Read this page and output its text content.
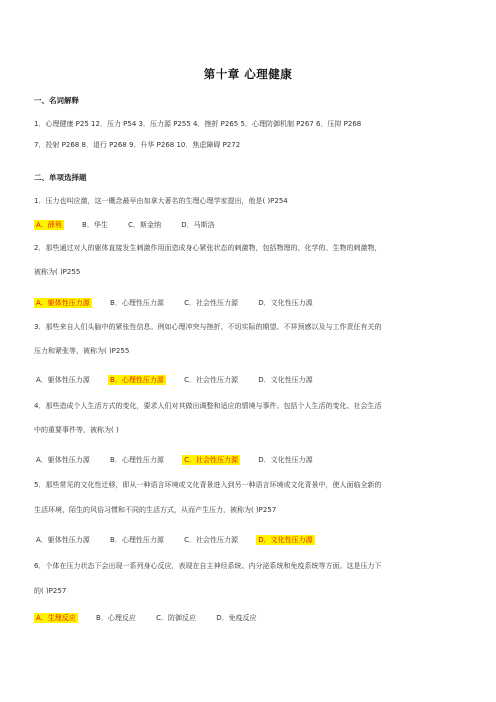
第十章 心理健康
一、名词解释
1．心理健康 P25 12．压力 P54 3．压力源 P255 4．挫折 P265 5．心理防御机制 P267 6．压抑 P268
7．投射 P268 8．退行 P268 9．升华 P268 10．焦虑障碍 P272
二、单项选择题
1．压力也叫应激，这一概念最早由加拿大著名的生理心理学家提出，他是( )P254
A．薛利	B．华生	C．斯金纳	D．马斯洛
2．那些通过对人的躯体直接发生刺激作用而造成身心紧张状态的刺激物，包括物理的、化学的、生物的刺激物，
被称为( )P255
A．躯体性压力源	B．心理性压力源	C．社会性压力源	D．文化性压力源
3．那些来自人们头脑中的紧张性信息。例如心理冲突与挫折、不切实际的期望、不祥预感以及与工作责任有关的
压力和紧张等，被称为( )P255
A．躯体性压力源	B．心理性压力源	C．社会性压力源	D．文化性压力源
4．那些造成个人生活方式的变化，要求人们对其做出调整和适应的情境与事件。包括个人生活的变化、社会生活
中的重要事件等，被称为( )
A．躯体性压力源	B．心理性压力源	C．社会性压力源	D．文化性压力源
5．那些常见的文化性迁移，即从一种语言环境或文化背景进入到另一种语言环境或文化背景中，使人面临全新的
生活环境、陌生的风俗习惯和不同的生活方式，从而产生压力，被称为( )P257
A．躯体性压力源	B．心理性压力源	C．社会性压力源	D．文化性压力源
6．个体在压力状态下会出现一系列身心反应，表现在自主神经系统、内分泌系统和免疫系统等方面。这是压力下
的( )P257
A．生理反应	B．心理反应	C．防御反应	D．免疫反应
